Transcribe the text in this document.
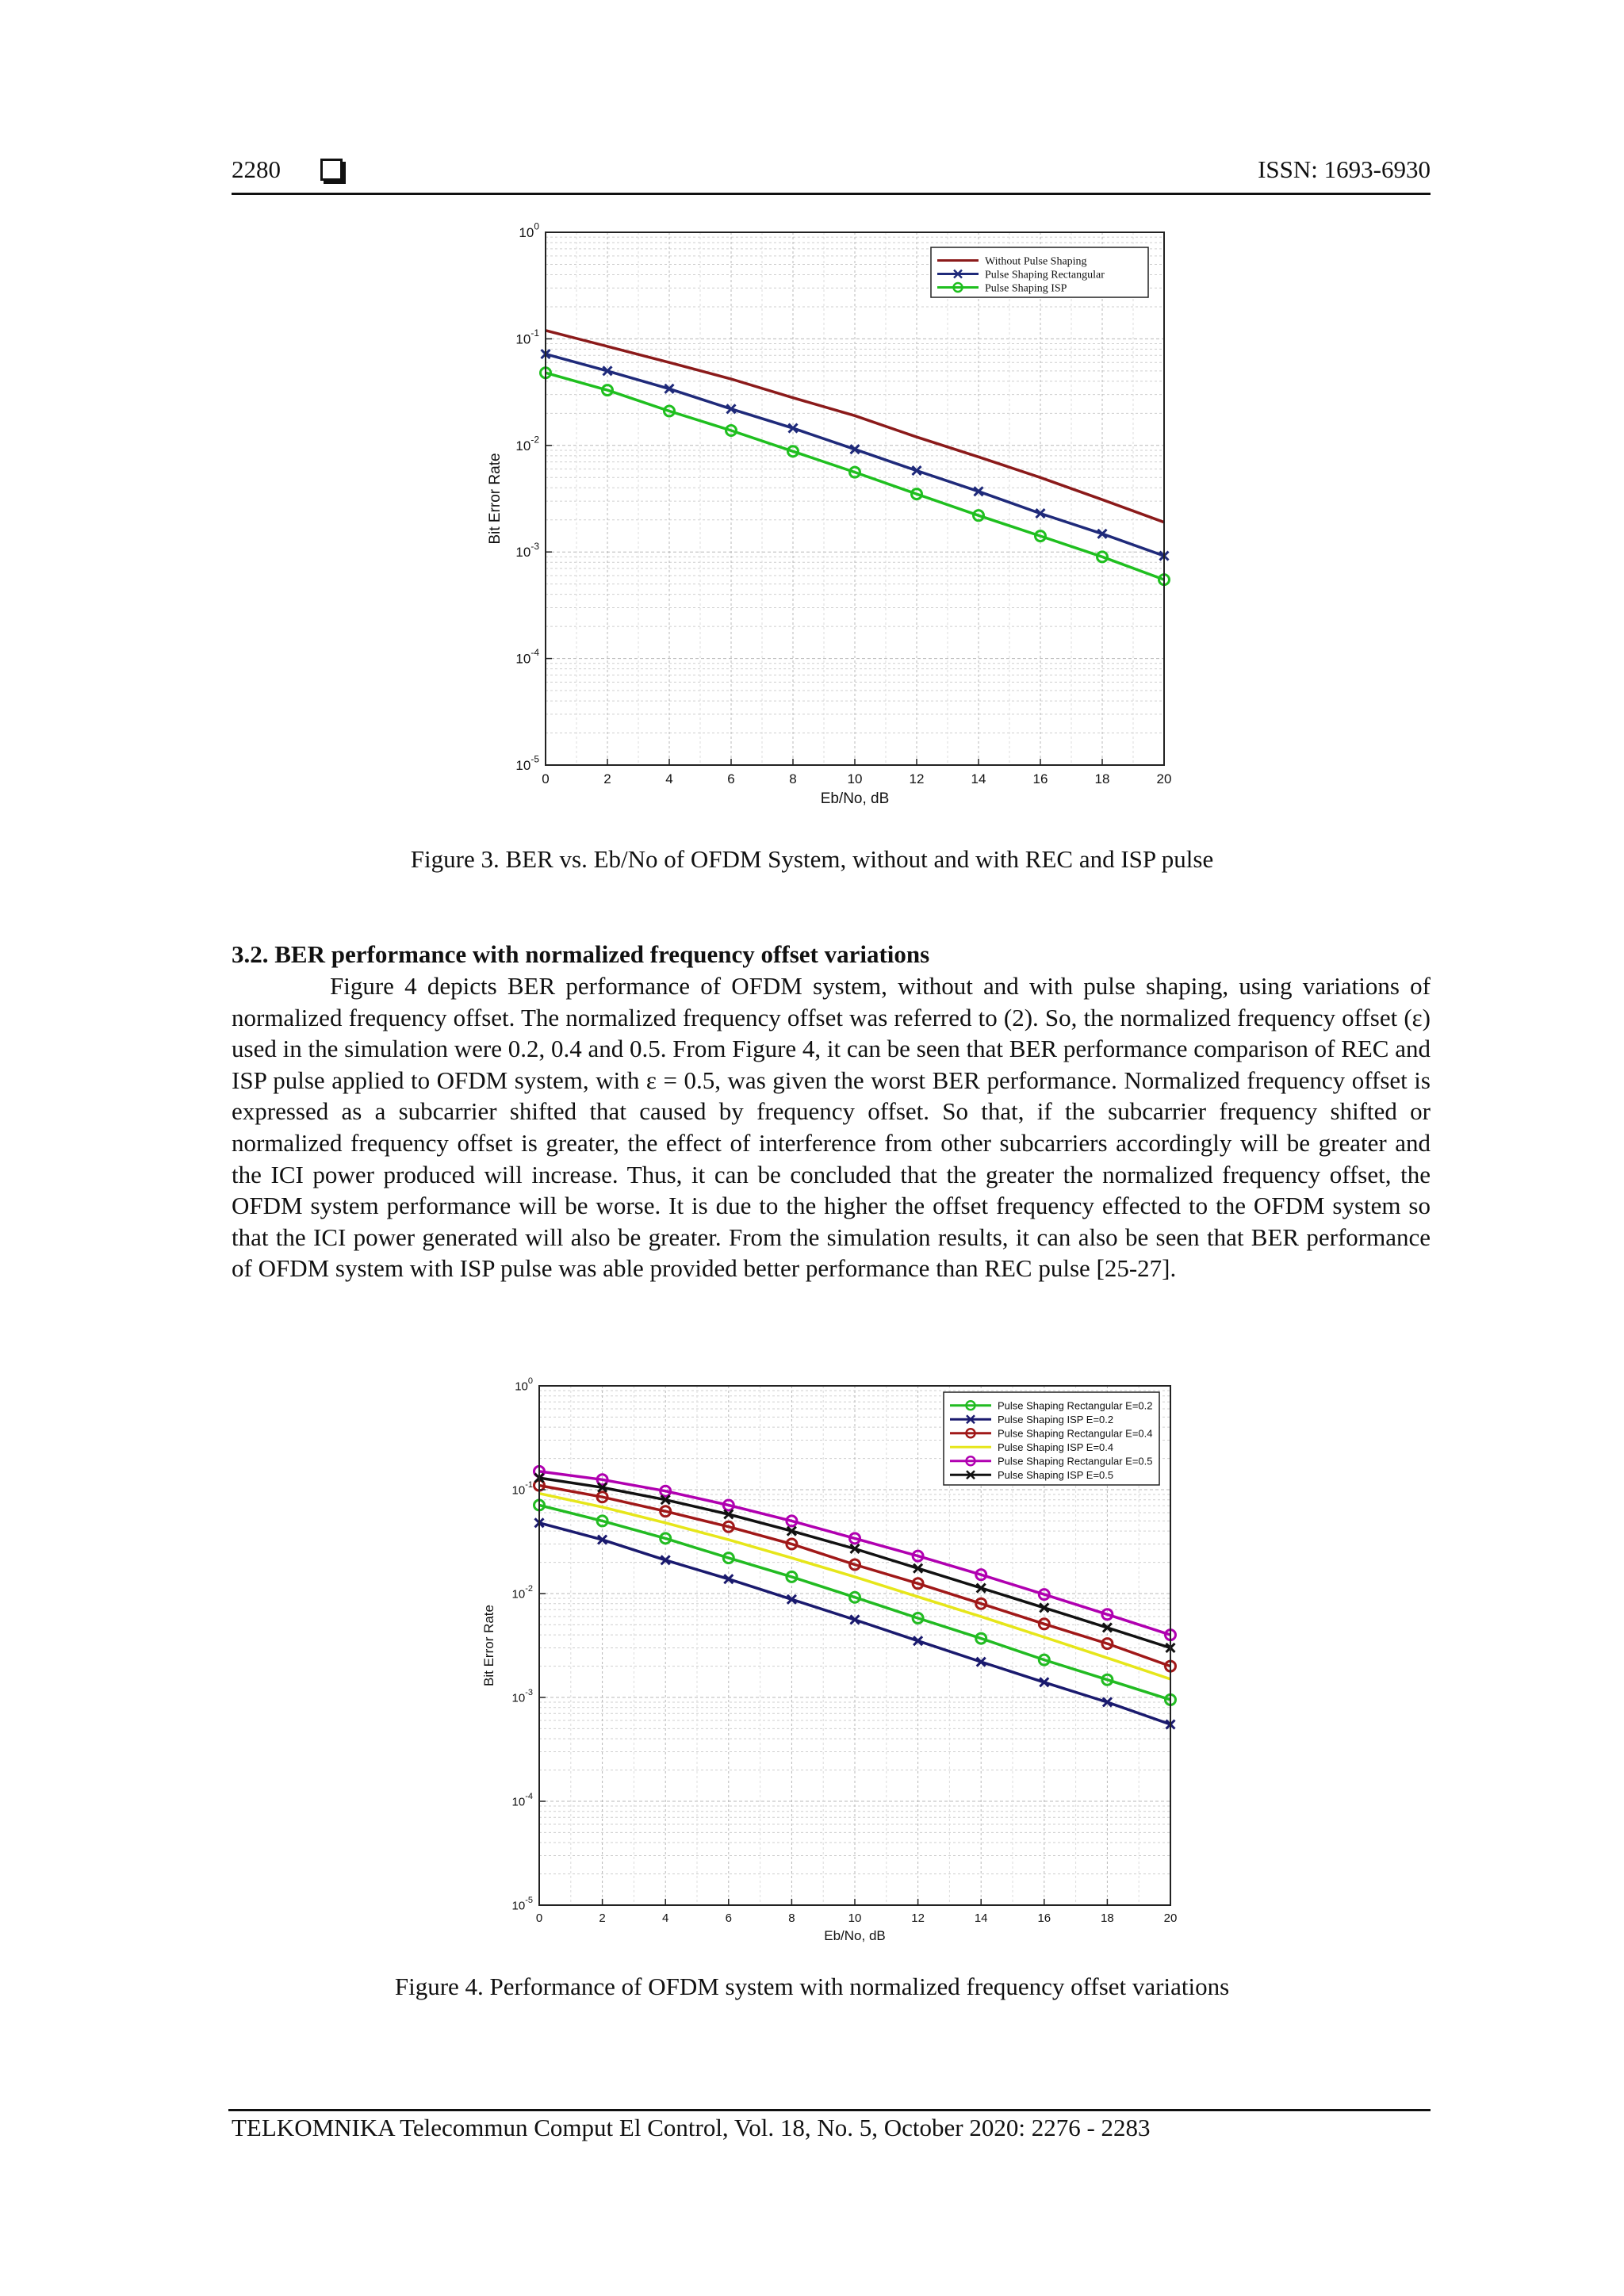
2280	ISSN: 1693-6930
0	2	4	6	8	10	12	14	16	18	20
$10^0$
$10^{-1}$
$10^{-2}$
$10^{-3}$
$10^{-4}$
$10^{-5}$
Eb/No, dB
Bit Error Rate
Without Pulse Shaping
Pulse Shaping Rectangular
Pulse Shaping ISP
Figure 3. BER vs. Eb/No of OFDM System, without and with REC and ISP pulse
3.2. BER performance with normalized frequency offset variations

Figure 4 depicts BER performance of OFDM system, without and with pulse shaping, using variations of normalized frequency offset. The normalized frequency offset was referred to (2). So, the normalized frequency offset (ε) used in the simulation were 0.2, 0.4 and 0.5. From Figure 4, it can be seen that BER performance comparison of REC and ISP pulse applied to OFDM system, with ε = 0.5, was given the worst BER performance. Normalized frequency offset is expressed as a subcarrier shifted that caused by frequency offset. So that, if the subcarrier frequency shifted or normalized frequency offset is greater, the effect of interference from other subcarriers accordingly will be greater and the ICI power produced will increase. Thus, it can be concluded that the greater the normalized frequency offset, the OFDM system performance will be worse. It is due to the higher the offset frequency effected to the OFDM system so that the ICI power generated will also be greater. From the simulation results, it can also be seen that BER performance of OFDM system with ISP pulse was able provided better performance than REC pulse [25-27].

0	2	4	6	8	10	12	14	16	18	20
$10^0$
$10^{-1}$
$10^{-2}$
$10^{-3}$
$10^{-4}$
$10^{-5}$
Eb/No, dB
Bit Error Rate
Pulse Shaping Rectangular E=0.2
Pulse Shaping ISP E=0.2
Pulse Shaping Rectangular E=0.4
Pulse Shaping ISP E=0.4
Pulse Shaping Rectangular E=0.5
Pulse Shaping ISP E=0.5
Figure 4. Performance of OFDM system with normalized frequency offset variations
TELKOMNIKA Telecommun Comput El Control, Vol. 18, No. 5, October 2020: 2276 - 2283
